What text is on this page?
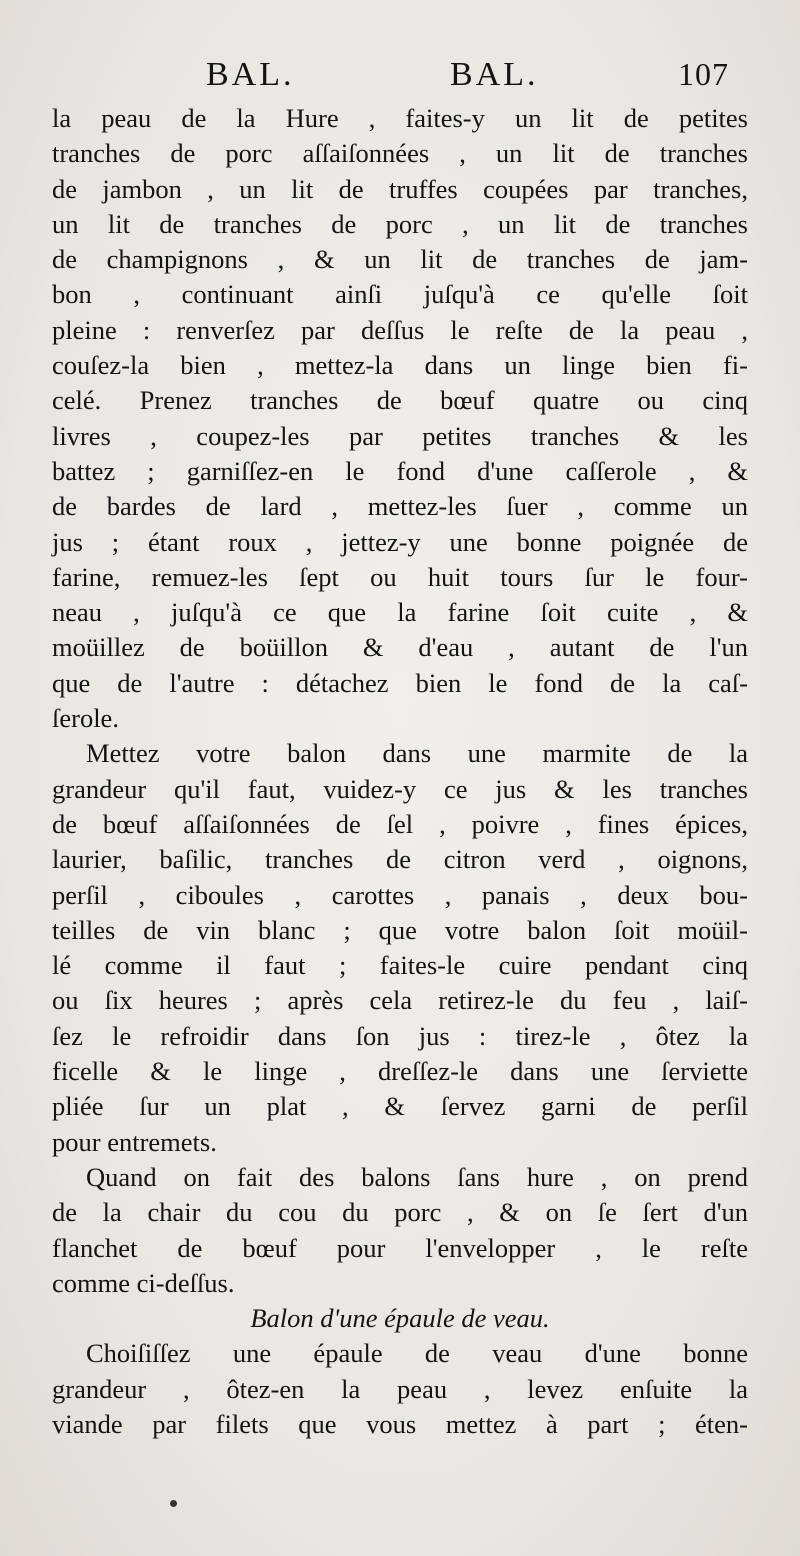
BAL.	BAL.	107
la peau de la Hure , faites-y un lit de petites
tranches de porc aſſaiſonnées , un lit de tranches
de jambon , un lit de truffes coupées par tranches,
un lit de tranches de porc , un lit de tranches
de champignons , & un lit de tranches de jam-
bon , continuant ainſi juſqu'à ce qu'elle ſoit
pleine : renverſez par deſſus le reſte de la peau ,
couſez-la bien , mettez-la dans un linge bien fi-
celé. Prenez tranches de bœuf quatre ou cinq
livres , coupez-les par petites tranches & les
battez ; garniſſez-en le fond d'une caſſerole , &
de bardes de lard , mettez-les ſuer , comme un
jus ; étant roux , jettez-y une bonne poignée de
farine, remuez-les ſept ou huit tours ſur le four-
neau , juſqu'à ce que la farine ſoit cuite , &
moüillez de boüillon & d'eau , autant de l'un
que de l'autre : détachez bien le fond de la caſ-
ſerole.
Mettez votre balon dans une marmite de la
grandeur qu'il faut, vuidez-y ce jus & les tranches
de bœuf aſſaiſonnées de ſel , poivre , fines épices,
laurier, baſilic, tranches de citron verd , oignons,
perſil , ciboules , carottes , panais , deux bou-
teilles de vin blanc ; que votre balon ſoit moüil-
lé comme il faut ; faites-le cuire pendant cinq
ou ſix heures ; après cela retirez-le du feu , laiſ-
ſez le refroidir dans ſon jus : tirez-le , ôtez la
ficelle & le linge , dreſſez-le dans une ſerviette
pliée ſur un plat , & ſervez garni de perſil
pour entremets.
Quand on fait des balons ſans hure , on prend
de la chair du cou du porc , & on ſe ſert d'un
flanchet de bœuf pour l'envelopper , le reſte
comme ci-deſſus.
Balon d'une épaule de veau.
Choiſiſſez une épaule de veau d'une bonne
grandeur , ôtez-en la peau , levez enſuite la
viande par filets que vous mettez à part ; éten-
